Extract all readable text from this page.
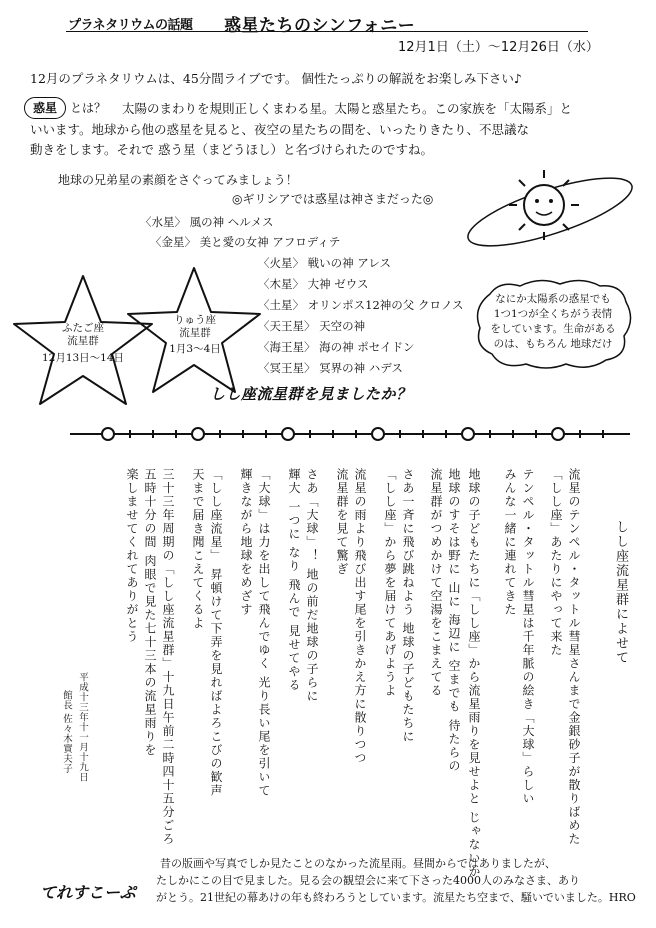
プラネタリウムの話題 惑星たちのシンフォニー
12月1日（土）～12月26日（水）
12月のプラネタリウムは、45分間ライブです。 個性たっぷりの解説をお楽しみ下さい♪
惑星	とは？ 太陽のまわりを規則正しくまわる星。太陽と惑星たち。この家族を「太陽系」と
いいます。地球から他の惑星を見ると、夜空の星たちの間を、いったりきたり、不思議な
動きをします。それで 惑う星（まどうほし）と名づけられたのですね。
地球の兄弟星の素顔をさぐってみましょう！
◎ギリシアでは惑星は神さまだった◎
〈水星〉 風の神 ヘルメス
〈金星〉 美と愛の女神 アフロディテ
〈火星〉 戦いの神 アレス
〈木星〉 大神 ゼウス
〈土星〉 オリンポス12神の父 クロノス
〈天王星〉 天空の神
〈海王星〉 海の神 ポセイドン
〈冥王星〉 冥界の神 ハデス
ふたご座
流星群
12月13日～14日
りゅう座
流星群
1月3～4日
なにか太陽系の惑星でも
1つ1つが全くちがう表情
をしています。生命がある
のは、もちろん 地球だけ
しし座流星群を見ましたか？
しし座流星群によせて
流星のテンペル・タットル彗星さんまで金銀砂子が散りばめた
「しし座」あたりにやって来た
テンペル・タットル彗星は千年脈の絵き「大球」らしい
みんな一緒に連れてきた
地球の子どもたちに「しし座」から流星雨りを見せよと じゃないか
地球のすそは野に 山に 海辺に 空までも 待たらの
流星群がつめかけて空湯をこまえてる
さあ一斉に飛び跳ねよう 地球の子どもたちに
「しし座」から夢を届けてあげようよ
流星の雨より飛び出す尾を引きかえ方に散りつつ
流星群を見て驚ぎ
さあ「大球」！ 地の前だ地球の子らに
輝大 一つに なり 飛んで 見せてやる
「大球」は力を出して飛んでゆく 光り長い尾を引いて
輝きながら地球をめざす
「しし座流星」 昇頓けて下弄を見ればよろこびの歓声
天まで届き聞こえてくるよ
三十三年周期の「しし座流星群」十九日午前二時四十五分ごろ
五時十分の間 肉眼で見た七十三本の流星雨りを
楽しませてくれてありがとう
平成十三年十一月十九日
館長 佐々木實夫子
てれすこーぷ
昔の版画や写真でしか見たことのなかった流星雨。昼間からではありましたが、
たしかにこの目で見ました。見る会の観望会に来て下さった4000人のみなさま、あり
がとう。21世紀の幕あけの年も終わろうとしています。流星たち空まで、騒いでいました。HRO
